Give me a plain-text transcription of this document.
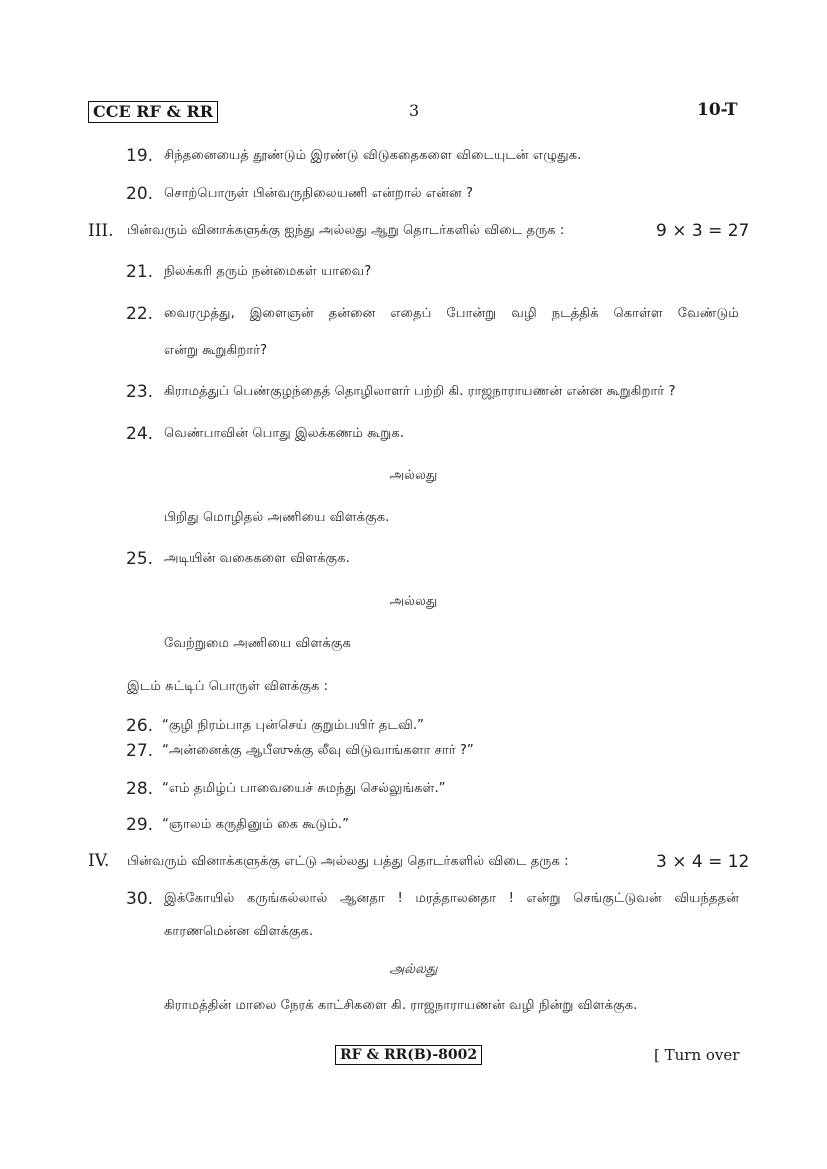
CCE RF & RR	3	10-T
19. சிந்தனையைத் தூண்டும் இரண்டு விடுகதைகளை விடையுடன் எழுதுக.
20. சொற்பொருள் பின்வருநிலையணி என்றால் என்ன ?
III. பின்வரும் வினாக்களுக்கு ஐந்து அல்லது ஆறு தொடர்களில் விடை தருக :	9 × 3 = 27
21. நிலக்கரி தரும் நன்மைகள் யாவை?
22. வைரமுத்து, இளைஞன் தன்னை எதைப் போன்று வழி நடத்திக் கொள்ள வேண்டும்
என்று கூறுகிறார்?
23. கிராமத்துப் பெண்குழந்தைத் தொழிலாளர் பற்றி கி. ராஜநாராயணன் என்ன கூறுகிறார் ?
24. வெண்பாவின் பொது இலக்கணம் கூறுக.
அல்லது
பிறிது மொழிதல் அணியை விளக்குக.
25. அடியின் வகைகளை விளக்குக.
அல்லது
வேற்றுமை அணியை விளக்குக
இடம் சுட்டிப் பொருள் விளக்குக :
26. “குழி நிரம்பாத புன்செய் குறும்பயிர் தடவி.”
27. “அன்னைக்கு ஆபீஸுக்கு லீவு விடுவாங்களா சார் ?”
28. “எம் தமிழ்ப் பாவையைச் சுமந்து செல்லுங்கள்.”
29. “ஞாலம் கருதினும் கை கூடும்.”
IV. பின்வரும் வினாக்களுக்கு எட்டு அல்லது பத்து தொடர்களில் விடை தருக :	3 × 4 = 12
30. இக்கோயில் கருங்கல்லால் ஆனதா ! மரத்தாலனதா ! என்று செங்குட்டுவன் வியந்ததன்
காரணமென்ன விளக்குக.
அல்லது
கிராமத்தின் மாலை நேரக் காட்சிகளை கி. ராஜநாராயணன் வழி நின்று விளக்குக.
RF & RR(B)-8002	[ Turn over
